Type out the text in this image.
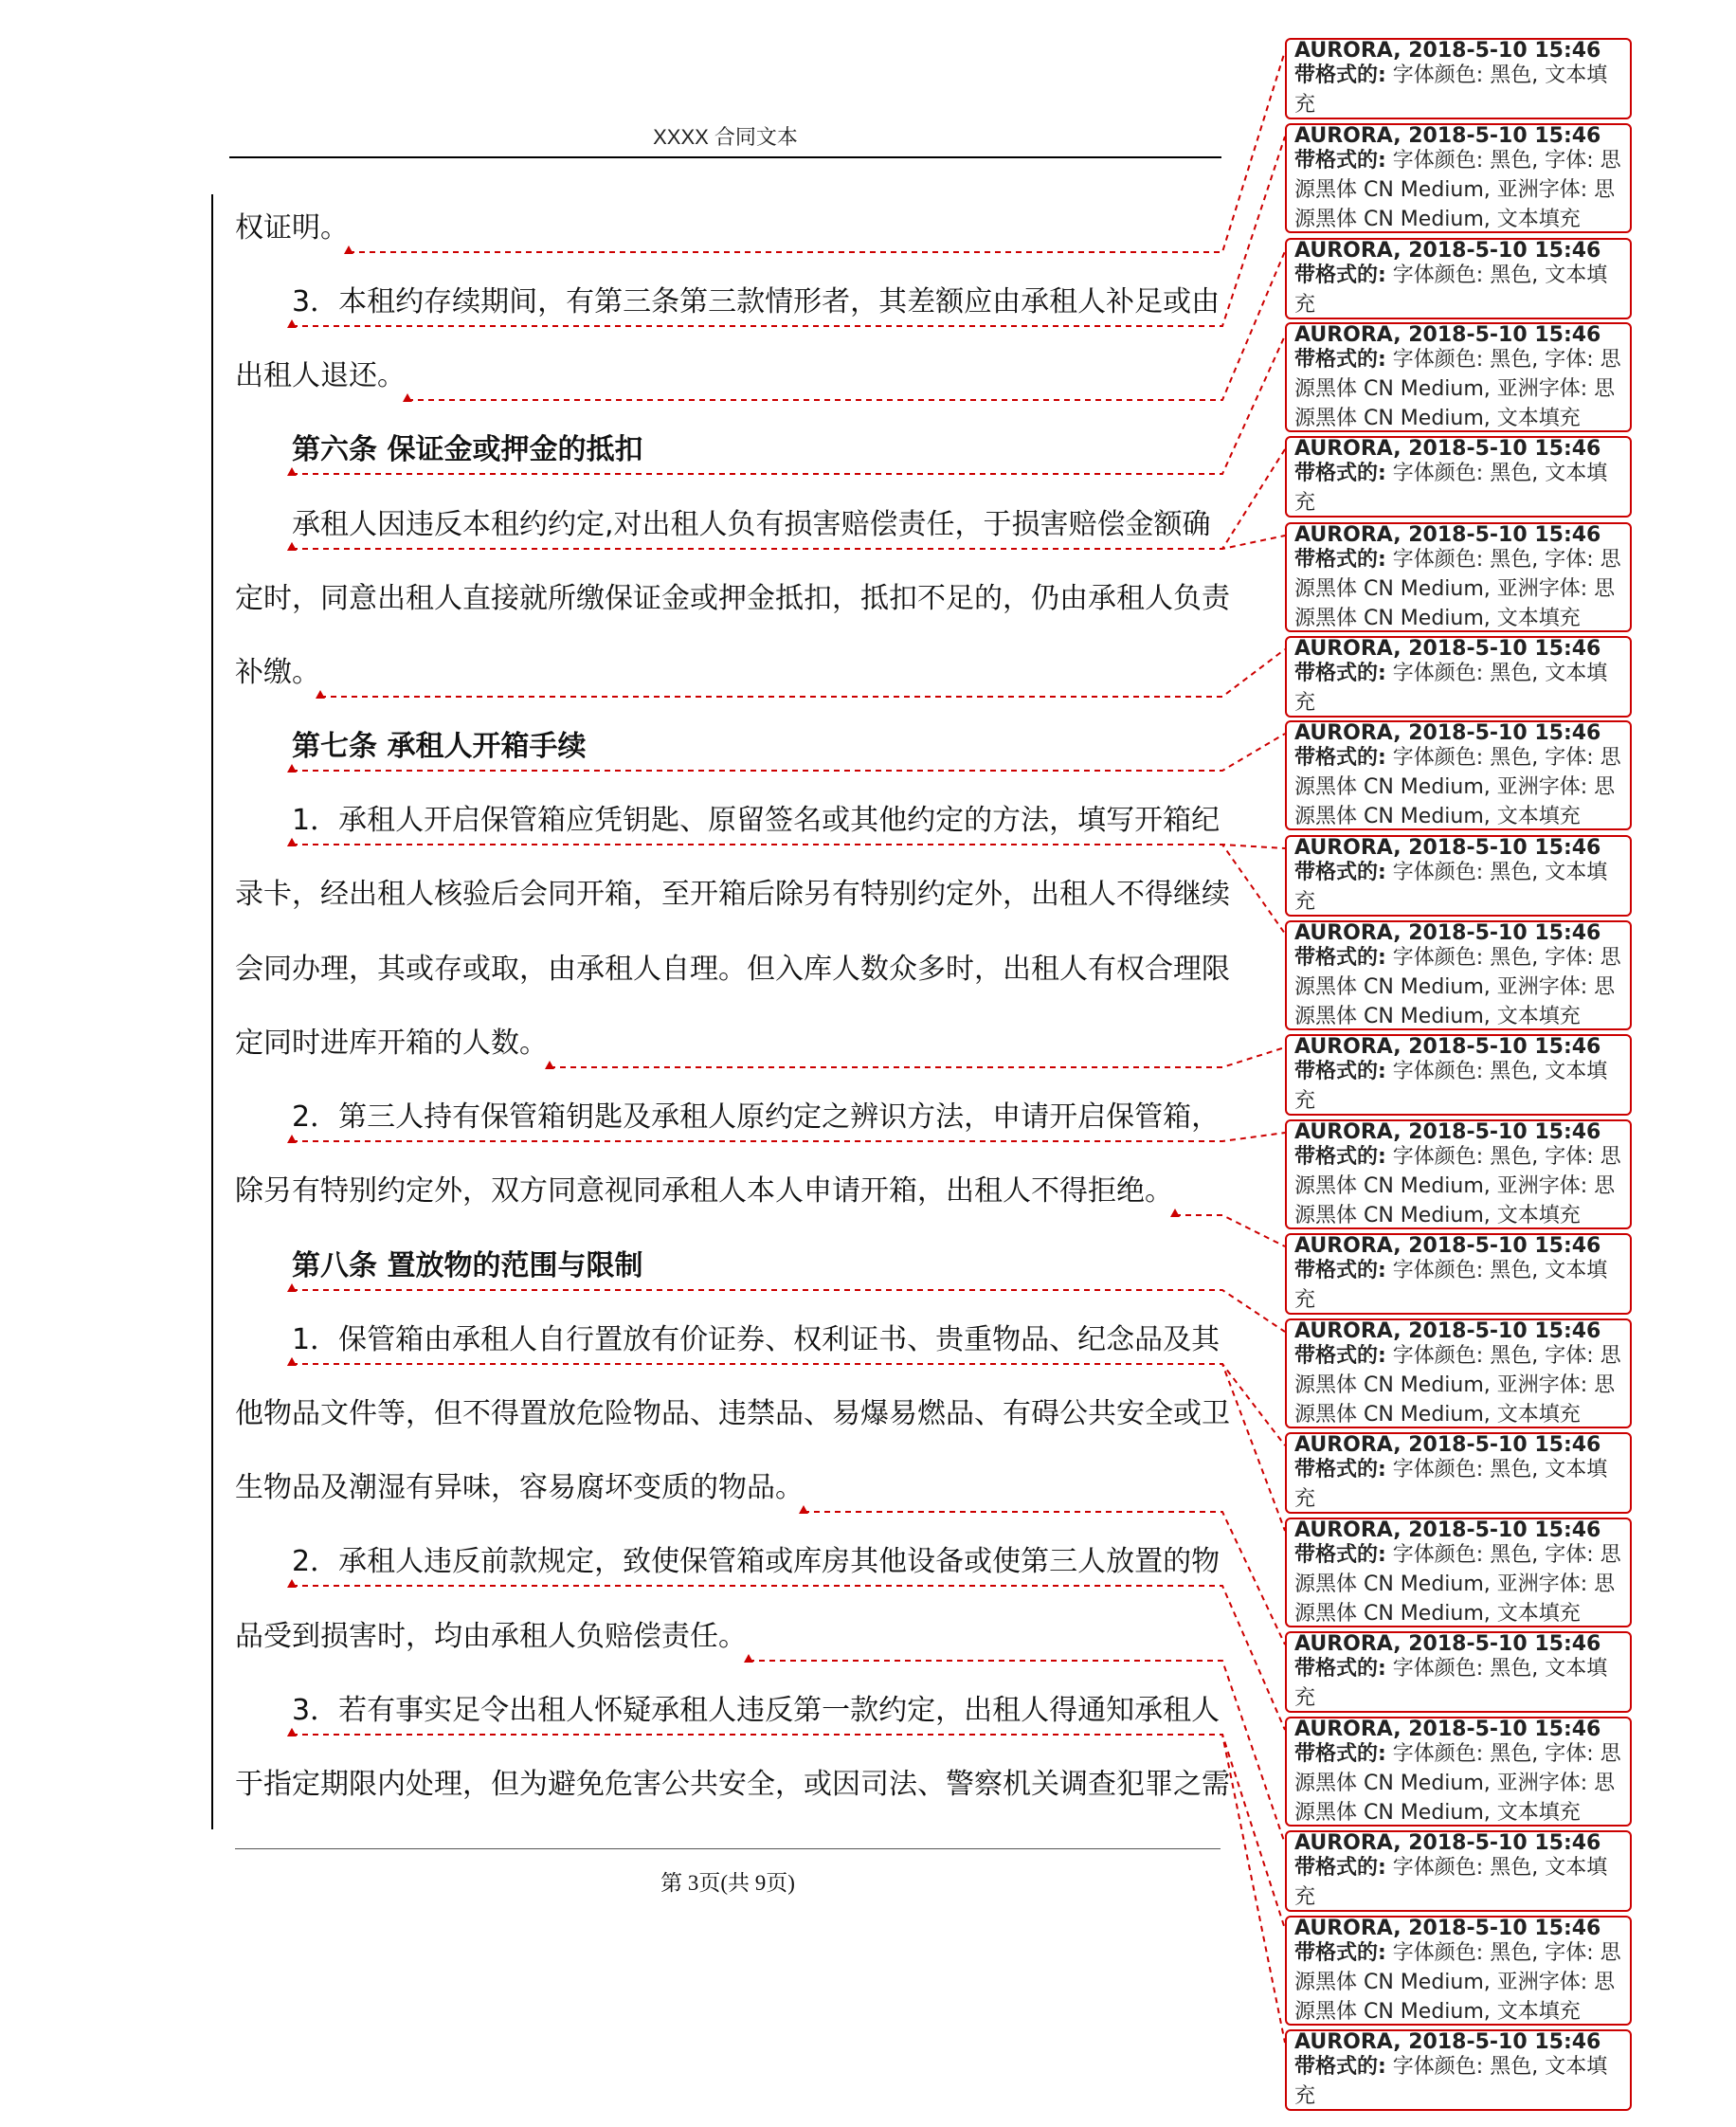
XXXX 合同文本
权证明。
3．本租约存续期间，有第三条第三款情形者，其差额应由承租人补足或由
出租人退还。
第六条 保证金或押金的抵扣
承租人因违反本租约约定,对出租人负有损害赔偿责任，于损害赔偿金额确
定时，同意出租人直接就所缴保证金或押金抵扣，抵扣不足的，仍由承租人负责
补缴。
第七条 承租人开箱手续
1．承租人开启保管箱应凭钥匙、原留签名或其他约定的方法，填写开箱纪
录卡，经出租人核验后会同开箱，至开箱后除另有特别约定外，出租人不得继续
会同办理，其或存或取，由承租人自理。但入库人数众多时，出租人有权合理限
定同时进库开箱的人数。
2．第三人持有保管箱钥匙及承租人原约定之辨识方法，申请开启保管箱，
除另有特别约定外，双方同意视同承租人本人申请开箱，出租人不得拒绝。
第八条 置放物的范围与限制
1．保管箱由承租人自行置放有价证券、权利证书、贵重物品、纪念品及其
他物品文件等，但不得置放危险物品、违禁品、易爆易燃品、有碍公共安全或卫
生物品及潮湿有异味，容易腐坏变质的物品。
2．承租人违反前款规定，致使保管箱或库房其他设备或使第三人放置的物
品受到损害时，均由承租人负赔偿责任。
3．若有事实足令出租人怀疑承租人违反第一款约定，出租人得通知承租人
于指定期限内处理，但为避免危害公共安全，或因司法、警察机关调查犯罪之需
第 3页(共 9页)
AURORA, 2018-5-10 15:46
带格式的: 字体颜色: 黑色, 文本填充
AURORA, 2018-5-10 15:46
带格式的: 字体颜色: 黑色, 字体: 思源黑体 CN Medium, 亚洲字体: 思源黑体 CN Medium, 文本填充
AURORA, 2018-5-10 15:46
带格式的: 字体颜色: 黑色, 文本填充
AURORA, 2018-5-10 15:46
带格式的: 字体颜色: 黑色, 字体: 思源黑体 CN Medium, 亚洲字体: 思源黑体 CN Medium, 文本填充
AURORA, 2018-5-10 15:46
带格式的: 字体颜色: 黑色, 文本填充
AURORA, 2018-5-10 15:46
带格式的: 字体颜色: 黑色, 字体: 思源黑体 CN Medium, 亚洲字体: 思源黑体 CN Medium, 文本填充
AURORA, 2018-5-10 15:46
带格式的: 字体颜色: 黑色, 文本填充
AURORA, 2018-5-10 15:46
带格式的: 字体颜色: 黑色, 字体: 思源黑体 CN Medium, 亚洲字体: 思源黑体 CN Medium, 文本填充
AURORA, 2018-5-10 15:46
带格式的: 字体颜色: 黑色, 文本填充
AURORA, 2018-5-10 15:46
带格式的: 字体颜色: 黑色, 字体: 思源黑体 CN Medium, 亚洲字体: 思源黑体 CN Medium, 文本填充
AURORA, 2018-5-10 15:46
带格式的: 字体颜色: 黑色, 文本填充
AURORA, 2018-5-10 15:46
带格式的: 字体颜色: 黑色, 字体: 思源黑体 CN Medium, 亚洲字体: 思源黑体 CN Medium, 文本填充
AURORA, 2018-5-10 15:46
带格式的: 字体颜色: 黑色, 文本填充
AURORA, 2018-5-10 15:46
带格式的: 字体颜色: 黑色, 字体: 思源黑体 CN Medium, 亚洲字体: 思源黑体 CN Medium, 文本填充
AURORA, 2018-5-10 15:46
带格式的: 字体颜色: 黑色, 文本填充
AURORA, 2018-5-10 15:46
带格式的: 字体颜色: 黑色, 字体: 思源黑体 CN Medium, 亚洲字体: 思源黑体 CN Medium, 文本填充
AURORA, 2018-5-10 15:46
带格式的: 字体颜色: 黑色, 文本填充
AURORA, 2018-5-10 15:46
带格式的: 字体颜色: 黑色, 字体: 思源黑体 CN Medium, 亚洲字体: 思源黑体 CN Medium, 文本填充
AURORA, 2018-5-10 15:46
带格式的: 字体颜色: 黑色, 文本填充
AURORA, 2018-5-10 15:46
带格式的: 字体颜色: 黑色, 字体: 思源黑体 CN Medium, 亚洲字体: 思源黑体 CN Medium, 文本填充
AURORA, 2018-5-10 15:46
带格式的: 字体颜色: 黑色, 文本填充
